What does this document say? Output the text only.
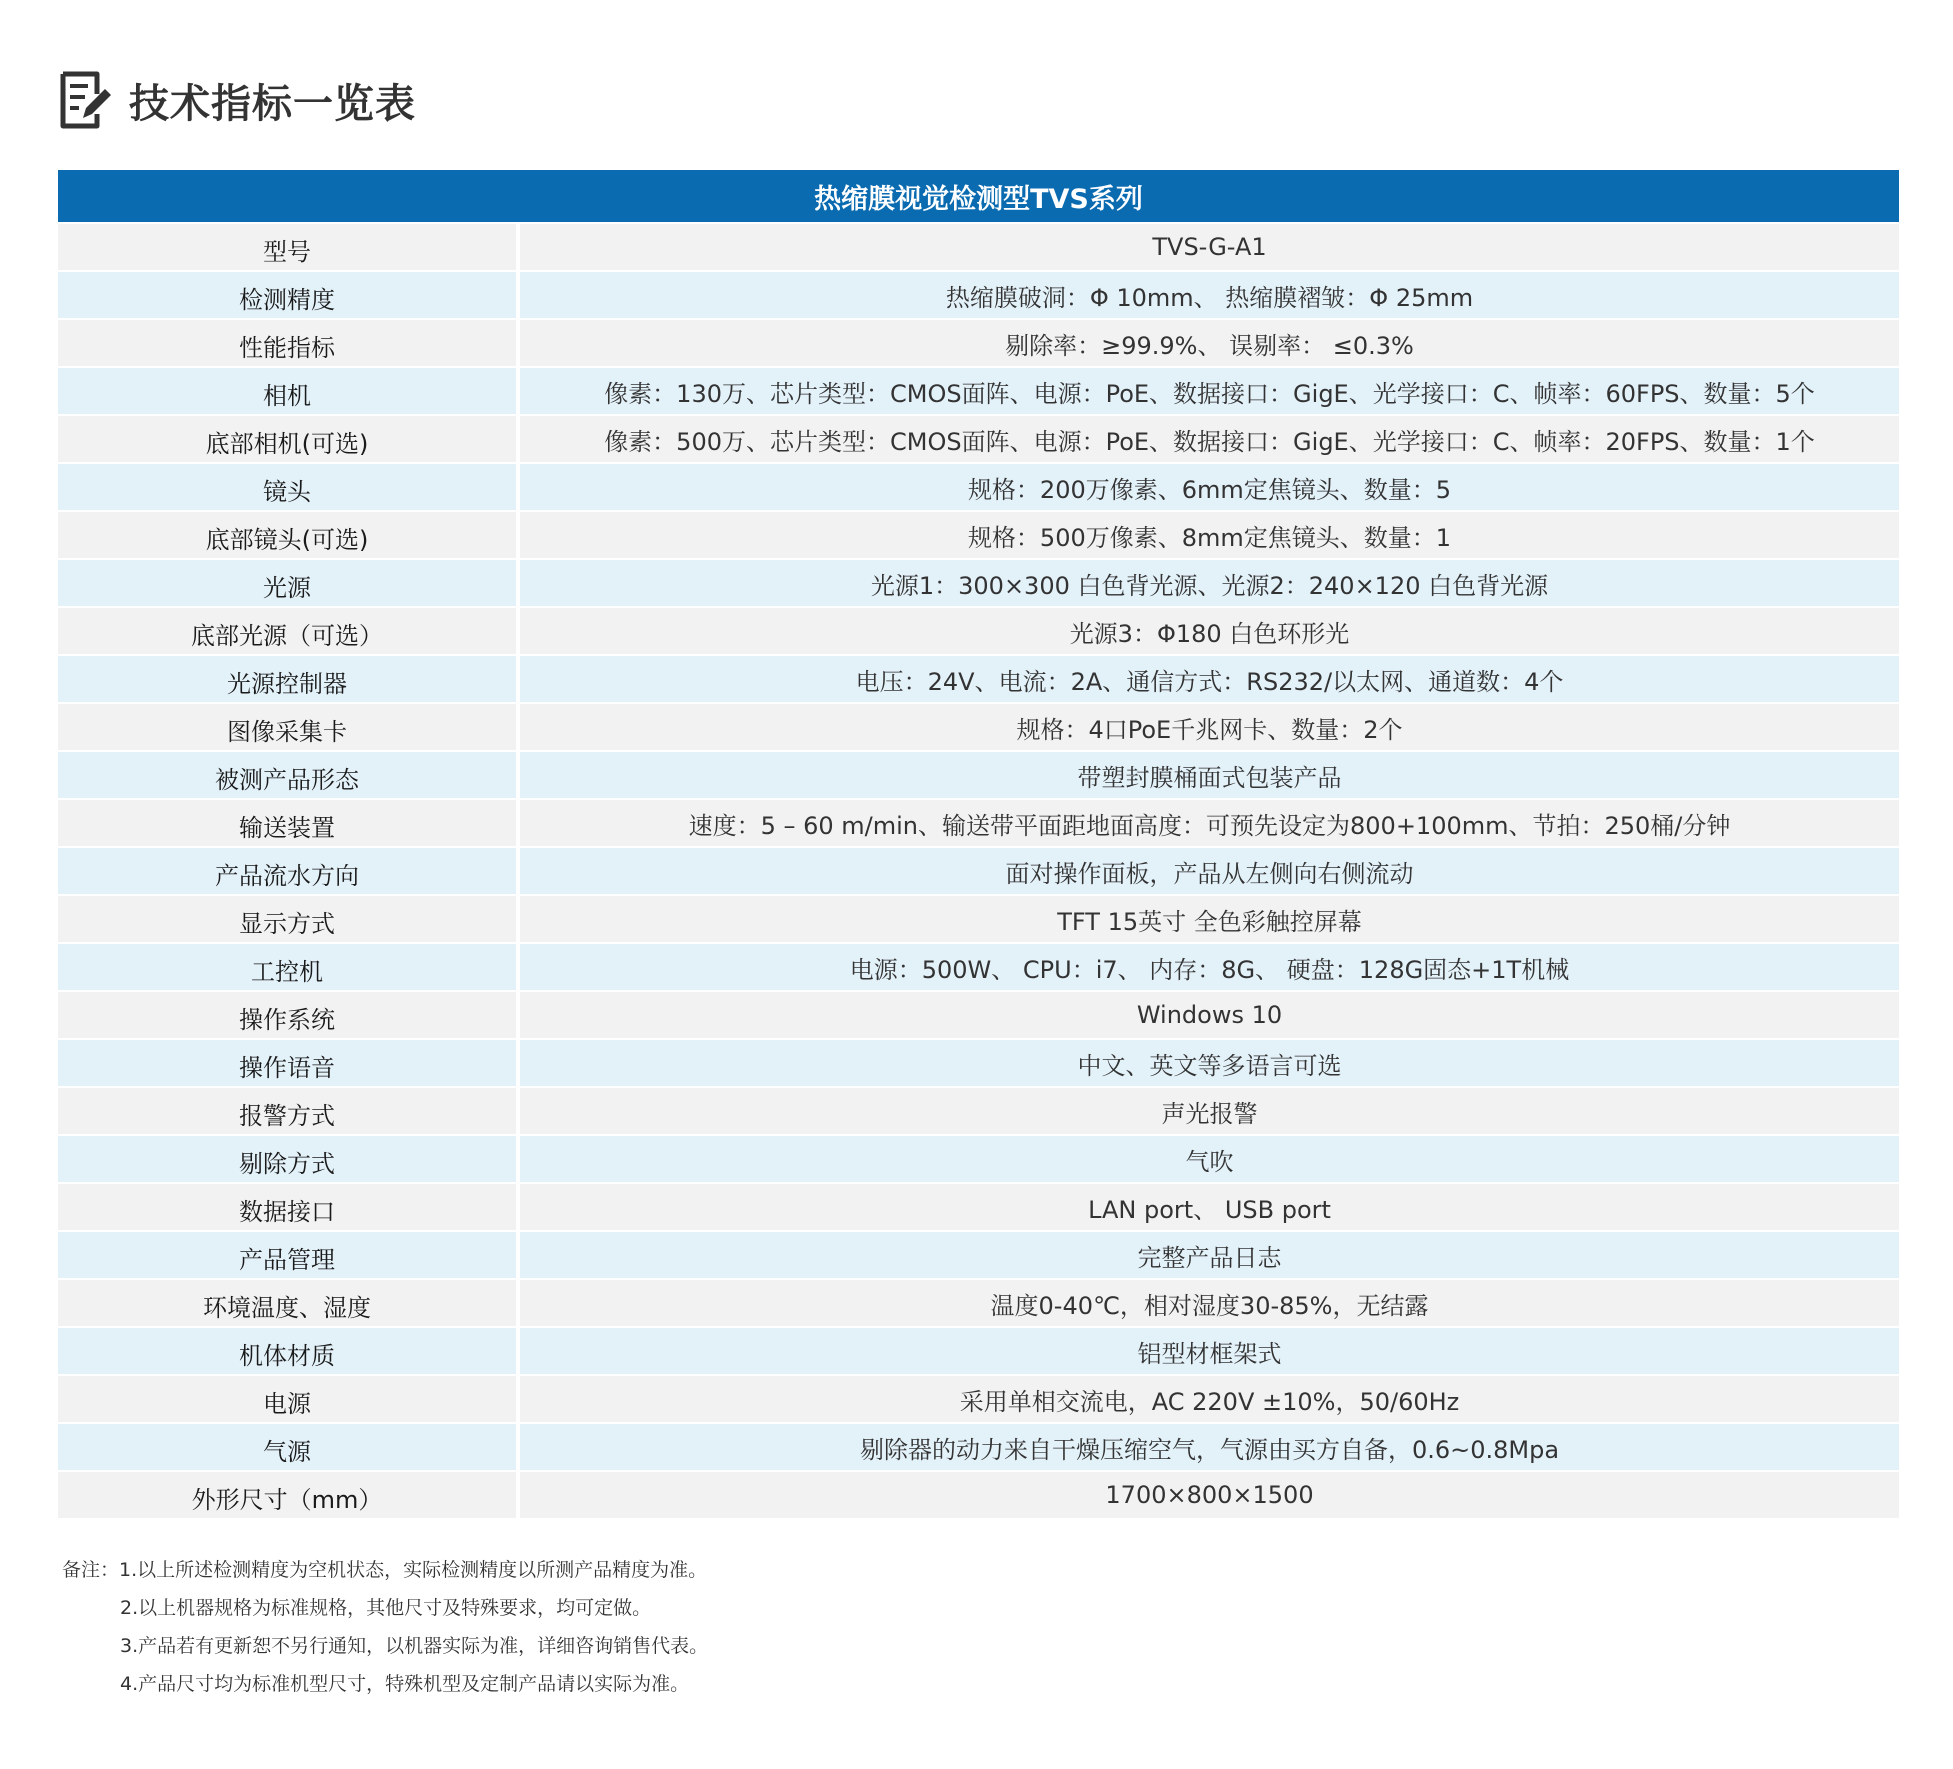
技术指标一览表
热缩膜视觉检测型TVS系列
型号	TVS-G-A1
检测精度	热缩膜破洞：Φ 10mm、 热缩膜褶皱：Φ 25mm
性能指标	剔除率：≥99.9%、 误剔率： ≤0.3%
相机	像素：130万、芯片类型：CMOS面阵、电源：PoE、数据接口：GigE、光学接口：C、帧率：60FPS、数量：5个
底部相机(可选)	像素：500万、芯片类型：CMOS面阵、电源：PoE、数据接口：GigE、光学接口：C、帧率：20FPS、数量：1个
镜头	规格：200万像素、6mm定焦镜头、数量：5
底部镜头(可选)	规格：500万像素、8mm定焦镜头、数量：1
光源	光源1：300×300 白色背光源、光源2：240×120 白色背光源
底部光源（可选）	光源3：Φ180 白色环形光
光源控制器	电压：24V、电流：2A、通信方式：RS232/以太网、通道数：4个
图像采集卡	规格：4口PoE千兆网卡、数量：2个
被测产品形态	带塑封膜桶面式包装产品
输送装置	速度：5 – 60 m/min、输送带平面距地面高度：可预先设定为800+100mm、节拍：250桶/分钟
产品流水方向	面对操作面板，产品从左侧向右侧流动
显示方式	TFT 15英寸 全色彩触控屏幕
工控机	电源：500W、 CPU：i7、 内存：8G、 硬盘：128G固态+1T机械
操作系统	Windows 10
操作语音	中文、英文等多语言可选
报警方式	声光报警
剔除方式	气吹
数据接口	LAN port、 USB port
产品管理	完整产品日志
环境温度、湿度	温度0-40℃，相对湿度30-85%，无结露
机体材质	铝型材框架式
电源	采用单相交流电，AC 220V ±10%，50/60Hz
气源	剔除器的动力来自干燥压缩空气，气源由买方自备，0.6~0.8Mpa
外形尺寸（mm）	1700×800×1500
备注：1.以上所述检测精度为空机状态，实际检测精度以所测产品精度为准。
2.以上机器规格为标准规格，其他尺寸及特殊要求，均可定做。
3.产品若有更新恕不另行通知，以机器实际为准，详细咨询销售代表。
4.产品尺寸均为标准机型尺寸，特殊机型及定制产品请以实际为准。
